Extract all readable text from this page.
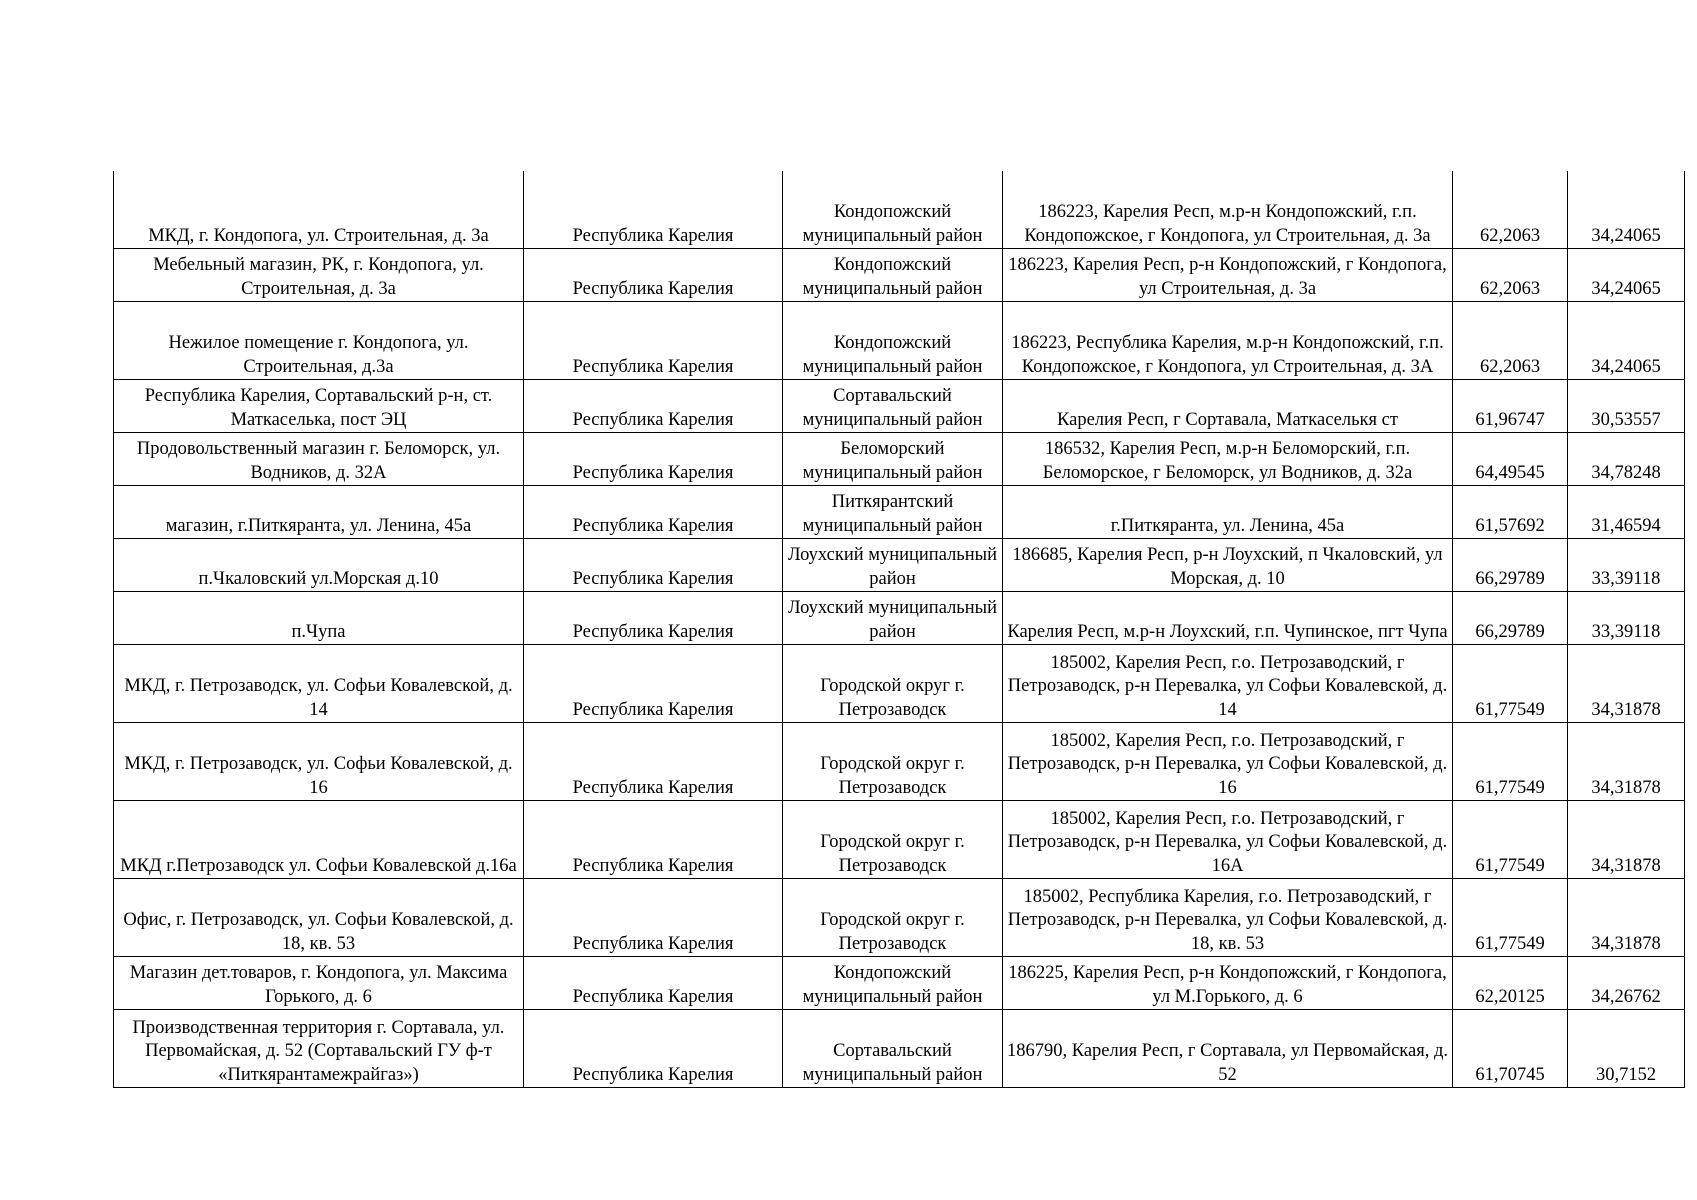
МКД, г. Кондопога, ул. Строительная, д. 3а	Республика Карелия	Кондопожский муниципальный район	186223, Карелия Респ, м.р-н Кондопожский, г.п. Кондопожское, г Кондопога, ул Строительная, д. 3а	62,2063	34,24065
Мебельный магазин, РК, г. Кондопога, ул. Строительная, д. 3а	Республика Карелия	Кондопожский муниципальный район	186223, Карелия Респ, р-н Кондопожский, г Кондопога, ул Строительная, д. 3а	62,2063	34,24065
Нежилое помещение г. Кондопога, ул. Строительная, д.3а	Республика Карелия	Кондопожский муниципальный район	186223, Республика Карелия, м.р-н Кондопожский, г.п. Кондопожское, г Кондопога, ул Строительная, д. 3А	62,2063	34,24065
Республика Карелия, Сортавальский р-н, ст. Маткаселька, пост ЭЦ	Республика Карелия	Сортавальский муниципальный район	Карелия Респ, г Сортавала, Маткаселькя ст	61,96747	30,53557
Продовольственный магазин г. Беломорск, ул. Водников, д. 32А	Республика Карелия	Беломорский муниципальный район	186532, Карелия Респ, м.р-н Беломорский, г.п. Беломорское, г Беломорск, ул Водников, д. 32а	64,49545	34,78248
магазин, г.Питкяранта, ул. Ленина, 45а	Республика Карелия	Питкярантский муниципальный район	г.Питкяранта, ул. Ленина, 45а	61,57692	31,46594
п.Чкаловский ул.Морская д.10	Республика Карелия	Лоухский муниципальный район	186685, Карелия Респ, р-н Лоухский, п Чкаловский, ул Морская, д. 10	66,29789	33,39118
п.Чупа	Республика Карелия	Лоухский муниципальный район	Карелия Респ, м.р-н Лоухский, г.п. Чупинское, пгт Чупа	66,29789	33,39118
МКД, г. Петрозаводск, ул. Софьи Ковалевской, д. 14	Республика Карелия	Городской округ г. Петрозаводск	185002, Карелия Респ, г.о. Петрозаводский, г Петрозаводск, р-н Перевалка, ул Софьи Ковалевской, д. 14	61,77549	34,31878
МКД, г. Петрозаводск, ул. Софьи Ковалевской, д. 16	Республика Карелия	Городской округ г. Петрозаводск	185002, Карелия Респ, г.о. Петрозаводский, г Петрозаводск, р-н Перевалка, ул Софьи Ковалевской, д. 16	61,77549	34,31878
МКД г.Петрозаводск ул. Софьи Ковалевской д.16а	Республика Карелия	Городской округ г. Петрозаводск	185002, Карелия Респ, г.о. Петрозаводский, г Петрозаводск, р-н Перевалка, ул Софьи Ковалевской, д. 16А	61,77549	34,31878
Офис, г. Петрозаводск, ул. Софьи Ковалевской, д. 18, кв. 53	Республика Карелия	Городской округ г. Петрозаводск	185002, Республика Карелия, г.о. Петрозаводский, г Петрозаводск, р-н Перевалка, ул Софьи Ковалевской, д. 18, кв. 53	61,77549	34,31878
Магазин дет.товаров, г. Кондопога, ул. Максима Горького, д. 6	Республика Карелия	Кондопожский муниципальный район	186225, Карелия Респ, р-н Кондопожский, г Кондопога, ул М.Горького, д. 6	62,20125	34,26762
Производственная территория г. Сортавала, ул. Первомайская, д. 52 (Сортавальский ГУ ф-т «Питкярантамежрайгаз»)	Республика Карелия	Сортавальский муниципальный район	186790, Карелия Респ, г Сортавала, ул Первомайская, д. 52	61,70745	30,7152
